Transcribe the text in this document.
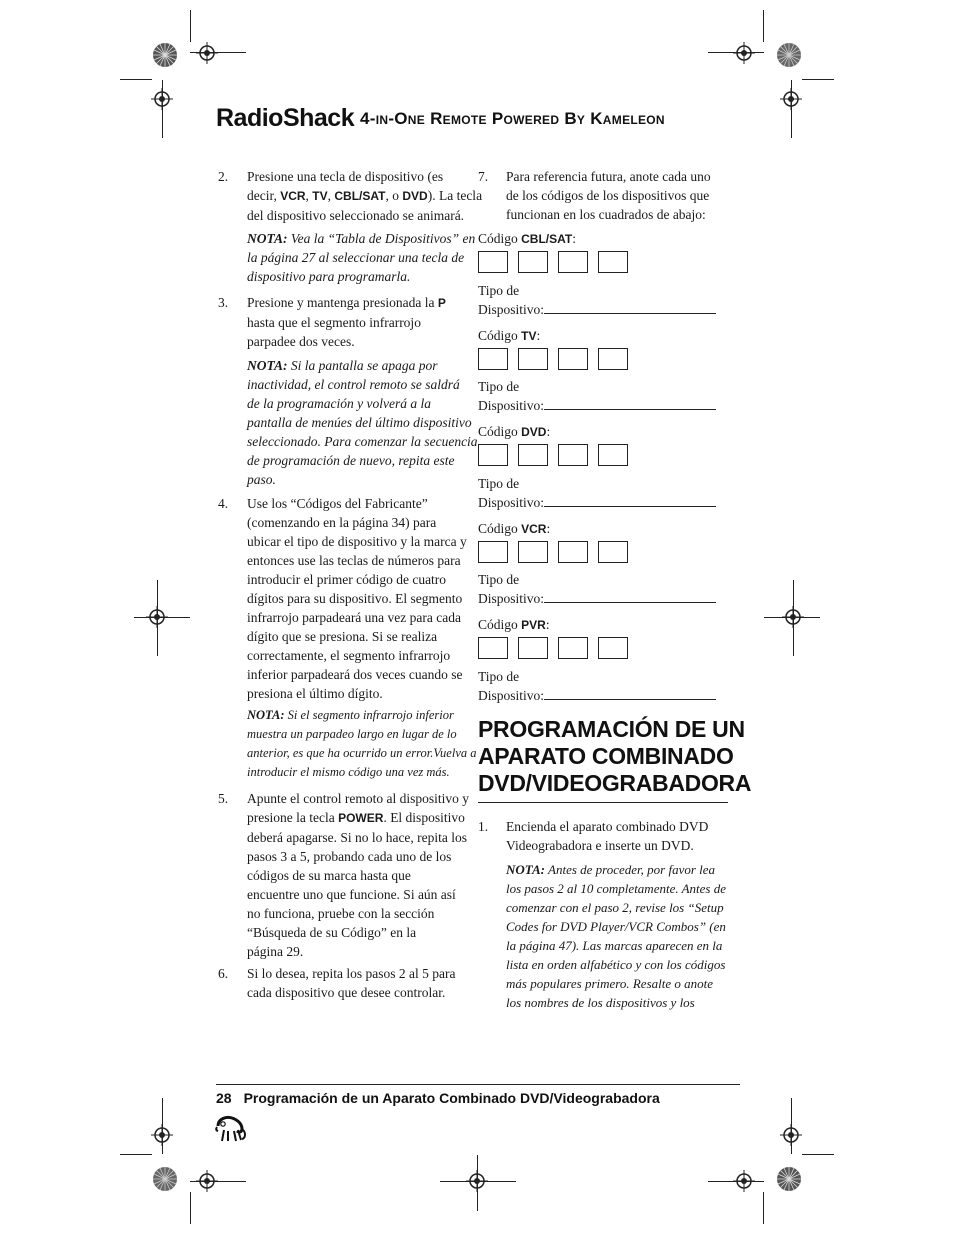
RadioShack 4-in-One Remote Powered By Kameleon
2. Presione una tecla de dispositivo (es
decir, VCR, TV, CBL/SAT, o DVD). La tecla
del dispositivo seleccionado se animará.
NOTA: Vea la “Tabla de Dispositivos” en
la página 27 al seleccionar una tecla de
dispositivo para programarla.
3. Presione y mantenga presionada la P
hasta que el segmento infrarrojo
parpadee dos veces.
NOTA: Si la pantalla se apaga por
inactividad, el control remoto se saldrá
de la programación y volverá a la
pantalla de menúes del último dispositivo
seleccionado. Para comenzar la secuencia
de programación de nuevo, repita este
paso.
4. Use los “Códigos del Fabricante”
(comenzando en la página 34) para
ubicar el tipo de dispositivo y la marca y
entonces use las teclas de números para
introducir el primer código de cuatro
dígitos para su dispositivo. El segmento
infrarrojo parpadeará una vez para cada
dígito que se presiona. Si se realiza
correctamente, el segmento infrarrojo
inferior parpadeará dos veces cuando se
presiona el último dígito.
NOTA: Si el segmento infrarrojo inferior
muestra un parpadeo largo en lugar de lo
anterior, es que ha ocurrido un error.Vuelva a
introducir el mismo código una vez más.
5. Apunte el control remoto al dispositivo y
presione la tecla POWER. El dispositivo
deberá apagarse. Si no lo hace, repita los
pasos 3 a 5, probando cada uno de los
códigos de su marca hasta que
encuentre uno que funcione. Si aún así
no funciona, pruebe con la sección
“Búsqueda de su Código” en la
página 29.
6. Si lo desea, repita los pasos 2 al 5 para
cada dispositivo que desee controlar.
7. Para referencia futura, anote cada uno
de los códigos de los dispositivos que
funcionan en los cuadrados de abajo:
Código CBL/SAT:
Tipo de
Dispositivo:
Código TV:
Tipo de
Dispositivo:
Código DVD:
Tipo de
Dispositivo:
Código VCR:
Tipo de
Dispositivo:
Código PVR:
Tipo de
Dispositivo:
PROGRAMACIÓN DE UN
APARATO COMBINADO
DVD/VIDEOGRABADORA
1. Encienda el aparato combinado DVD
Videograbadora e inserte un DVD.
NOTA: Antes de proceder, por favor lea
los pasos 2 al 10 completamente. Antes de
comenzar con el paso 2, revise los “Setup
Codes for DVD Player/VCR Combos” (en
la página 47). Las marcas aparecen en la
lista en orden alfabético y con los códigos
más populares primero. Resalte o anote
los nombres de los dispositivos y los
28 Programación de un Aparato Combinado DVD/Videograbadora
